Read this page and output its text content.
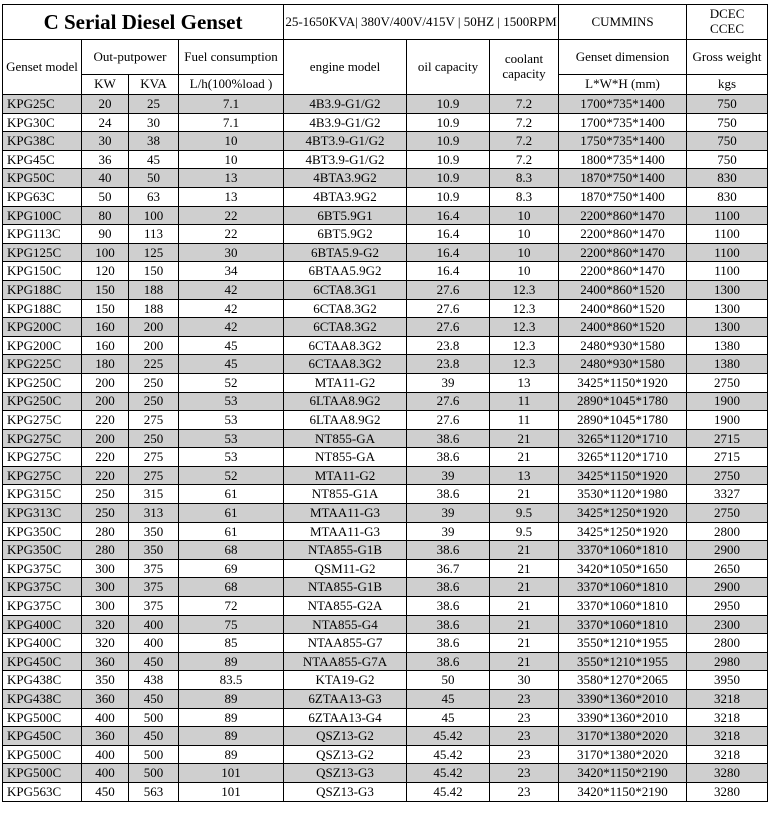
C Serial Diesel Genset				25-1650KVA| 380V/400V/415V | 50HZ | 1500RPM			CUMMINS	DCEC
CCEC
Genset model	Out-putpower		Fuel consumption	engine model	oil capacity	coolant capacity	Genset dimension	Gross weight
	KW	KVA	L/h(100%load )				L*W*H (mm)	kgs
KPG25C	20	25	7.1	4B3.9-G1/G2	10.9	7.2	1700*735*1400	750
KPG30C	24	30	7.1	4B3.9-G1/G2	10.9	7.2	1700*735*1400	750
KPG38C	30	38	10	4BT3.9-G1/G2	10.9	7.2	1750*735*1400	750
KPG45C	36	45	10	4BT3.9-G1/G2	10.9	7.2	1800*735*1400	750
KPG50C	40	50	13	4BTA3.9G2	10.9	8.3	1870*750*1400	830
KPG63C	50	63	13	4BTA3.9G2	10.9	8.3	1870*750*1400	830
KPG100C	80	100	22	6BT5.9G1	16.4	10	2200*860*1470	1100
KPG113C	90	113	22	6BT5.9G2	16.4	10	2200*860*1470	1100
KPG125C	100	125	30	6BTA5.9-G2	16.4	10	2200*860*1470	1100
KPG150C	120	150	34	6BTAA5.9G2	16.4	10	2200*860*1470	1100
KPG188C	150	188	42	6CTA8.3G1	27.6	12.3	2400*860*1520	1300
KPG188C	150	188	42	6CTA8.3G2	27.6	12.3	2400*860*1520	1300
KPG200C	160	200	42	6CTA8.3G2	27.6	12.3	2400*860*1520	1300
KPG200C	160	200	45	6CTAA8.3G2	23.8	12.3	2480*930*1580	1380
KPG225C	180	225	45	6CTAA8.3G2	23.8	12.3	2480*930*1580	1380
KPG250C	200	250	52	MTA11-G2	39	13	3425*1150*1920	2750
KPG250C	200	250	53	6LTAA8.9G2	27.6	11	2890*1045*1780	1900
KPG275C	220	275	53	6LTAA8.9G2	27.6	11	2890*1045*1780	1900
KPG275C	200	250	53	NT855-GA	38.6	21	3265*1120*1710	2715
KPG275C	220	275	53	NT855-GA	38.6	21	3265*1120*1710	2715
KPG275C	220	275	52	MTA11-G2	39	13	3425*1150*1920	2750
KPG315C	250	315	61	NT855-G1A	38.6	21	3530*1120*1980	3327
KPG313C	250	313	61	MTAA11-G3	39	9.5	3425*1250*1920	2750
KPG350C	280	350	61	MTAA11-G3	39	9.5	3425*1250*1920	2800
KPG350C	280	350	68	NTA855-G1B	38.6	21	3370*1060*1810	2900
KPG375C	300	375	69	QSM11-G2	36.7	21	3420*1050*1650	2650
KPG375C	300	375	68	NTA855-G1B	38.6	21	3370*1060*1810	2900
KPG375C	300	375	72	NTA855-G2A	38.6	21	3370*1060*1810	2950
KPG400C	320	400	75	NTA855-G4	38.6	21	3370*1060*1810	2300
KPG400C	320	400	85	NTAA855-G7	38.6	21	3550*1210*1955	2800
KPG450C	360	450	89	NTAA855-G7A	38.6	21	3550*1210*1955	2980
KPG438C	350	438	83.5	KTA19-G2	50	30	3580*1270*2065	3950
KPG438C	360	450	89	6ZTAA13-G3	45	23	3390*1360*2010	3218
KPG500C	400	500	89	6ZTAA13-G4	45	23	3390*1360*2010	3218
KPG450C	360	450	89	QSZ13-G2	45.42	23	3170*1380*2020	3218
KPG500C	400	500	89	QSZ13-G2	45.42	23	3170*1380*2020	3218
KPG500C	400	500	101	QSZ13-G3	45.42	23	3420*1150*2190	3280
KPG563C	450	563	101	QSZ13-G3	45.42	23	3420*1150*2190	3280
